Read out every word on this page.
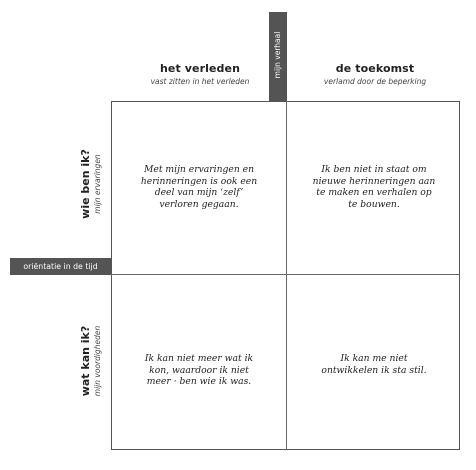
het verleden
vast zitten in het verleden
de toekomst
verlamd door de beperking
mijn verhaal
oriëntatie in de tijd
wie ben ik? mijn ervaringen
wat kan ik? mijn voordigheden
Met mijn ervaringen en herinneringen is ook een deel van mijn ‘zelf’ verloren gegaan.
Ik ben niet in staat om nieuwe herinneringen aan te maken en verhalen op te bouwen.
Ik kan niet meer wat ik kon, waardoor ik niet meer · ben wie ik was.
Ik kan me niet ontwikkelen ik sta stil.
